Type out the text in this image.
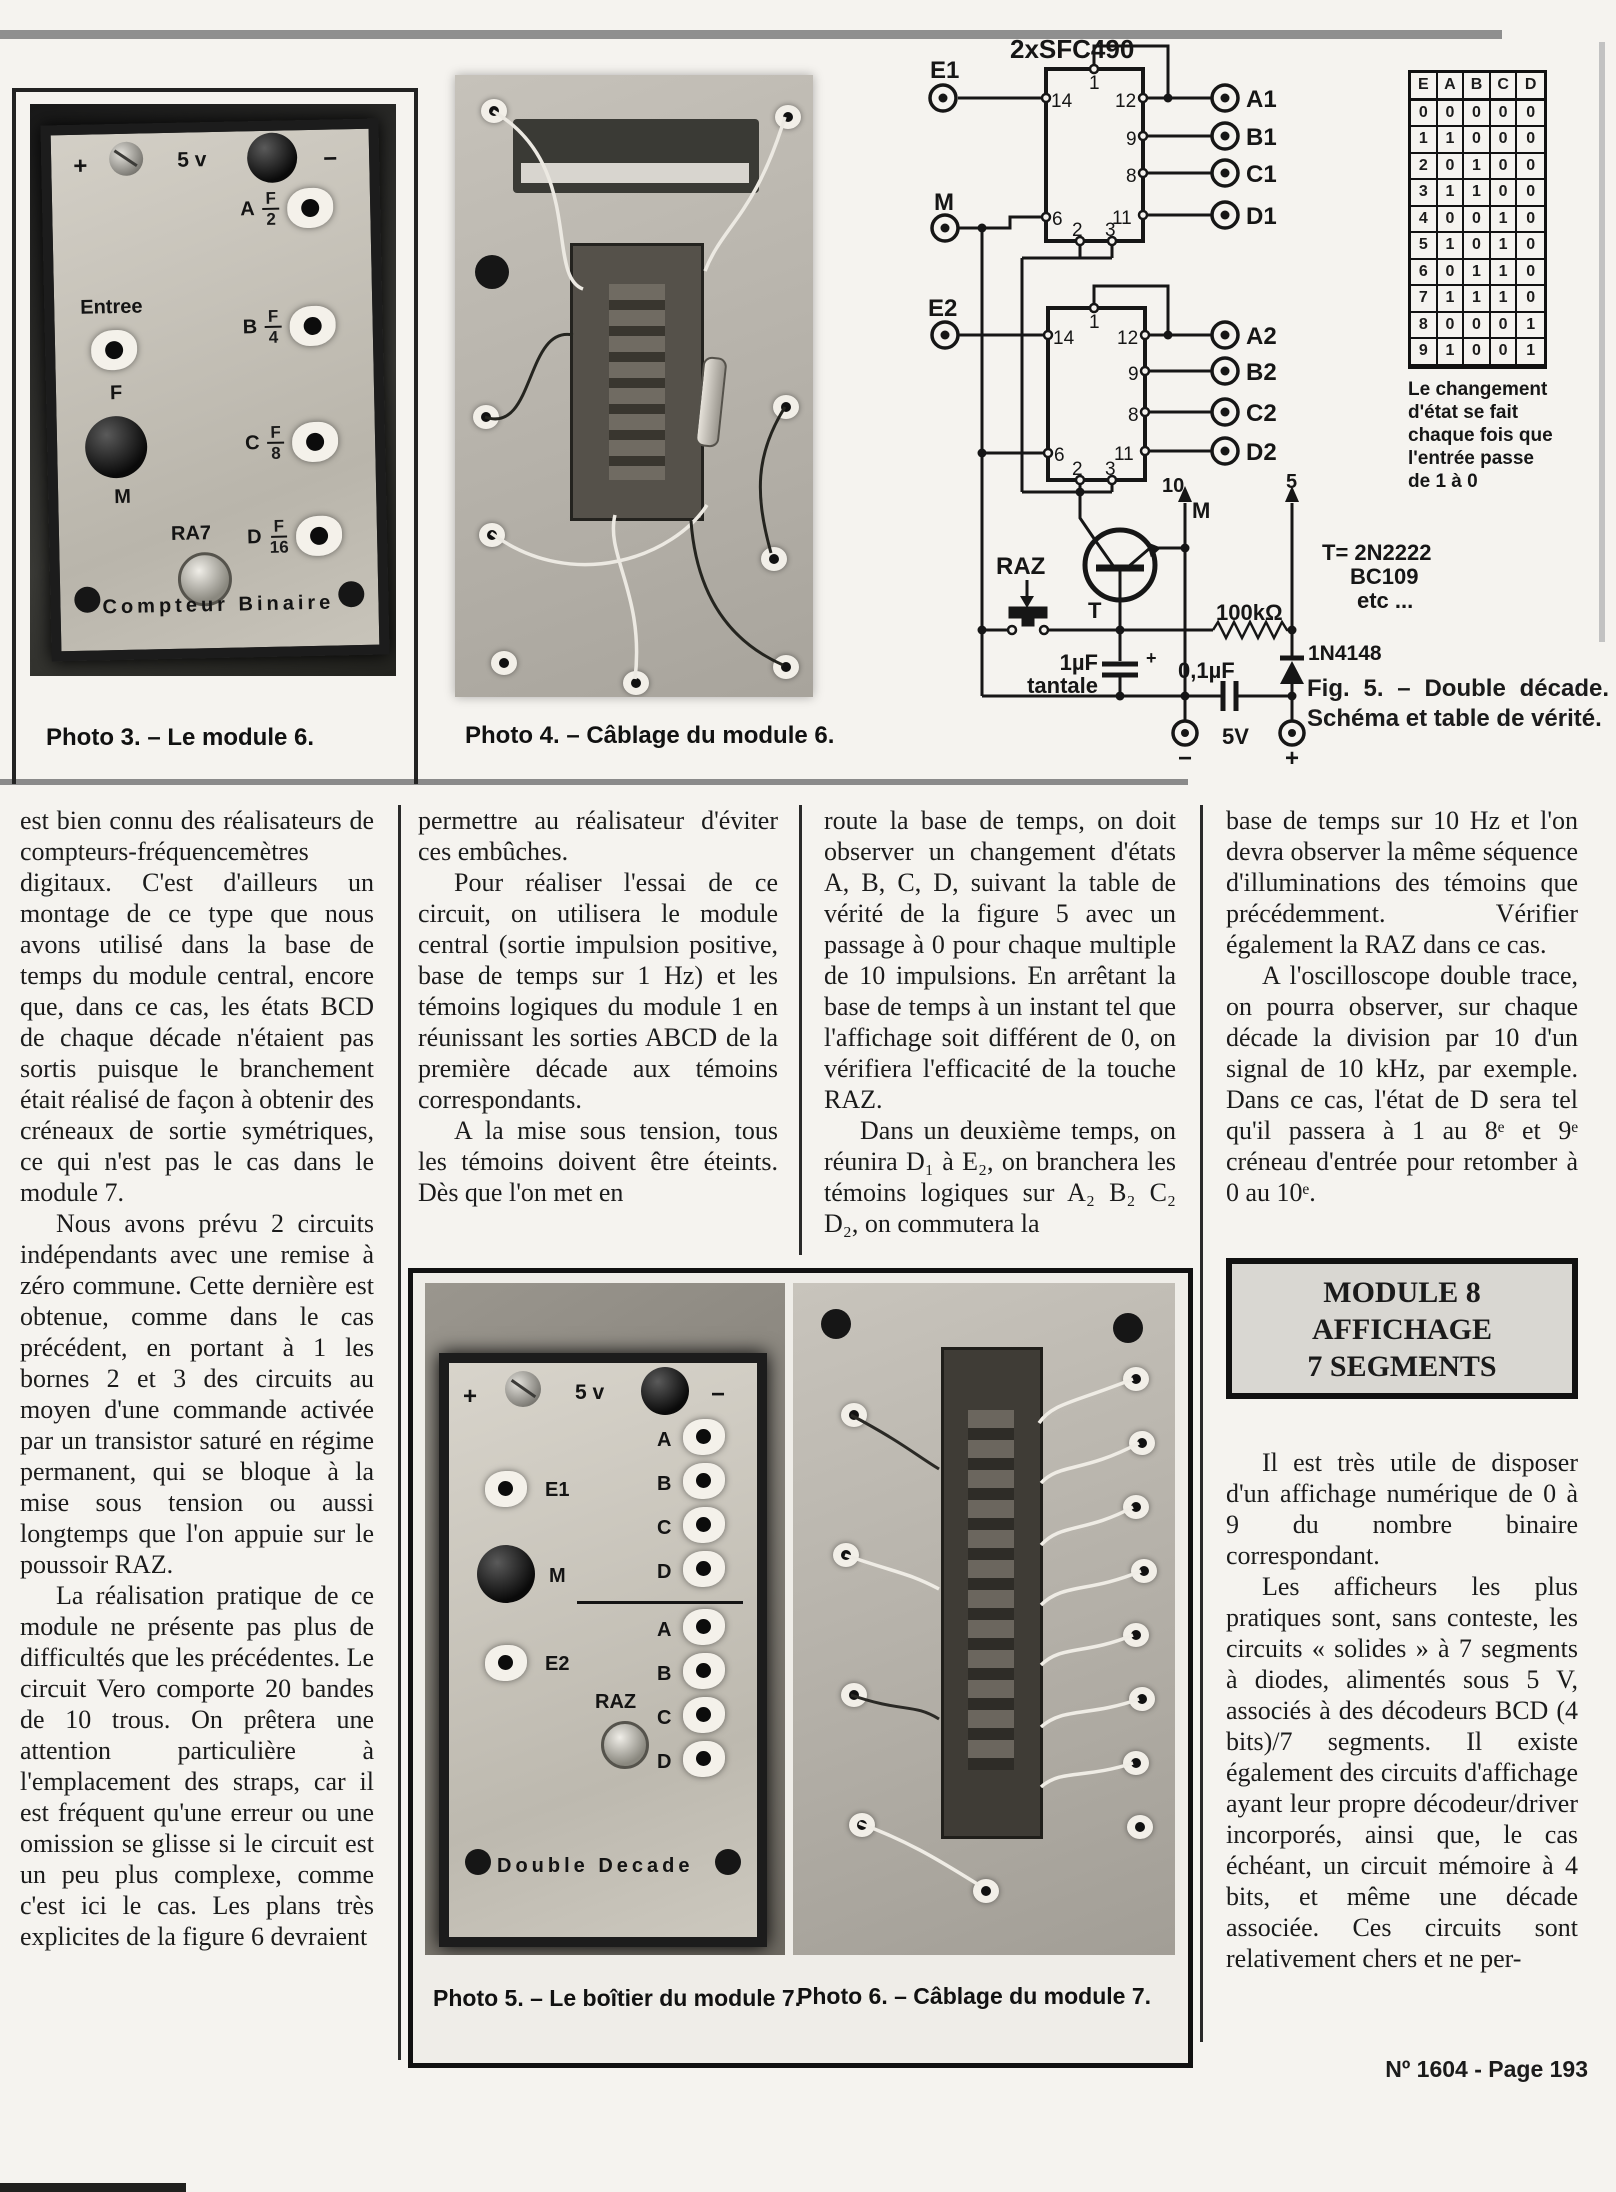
+	5 v	−
Entree
F
M
A $\frac{F}{2}$
B $\frac{F}{4}$
C $\frac{F}{8}$
RA7 D $\frac{F}{16}$
Compteur Binaire
Photo 3. – Le module 6.	Photo 4. – Câblage du module 6.
2xSFC490
E1
M
E2
A1
B1
C1
D1
A2
B2
C2
D2
14
1
12
9
8
11
6
2 3
14
1
12
9
8
11
6
2 3
10
M
5
RAZ
T
1µF
tantale
+ 0,1µF
100kΩ
1N4148
5V
−	+
T= 2N2222
BC109
etc ...
E A B C	D
0	0	0	0	0
1	1	0	0	0
2	0	1	0	0
3	1	1	0	0
4	0	0	1	0
5	1	0	1	0
6	0	1	1	0
7	1	1	1	0
8	0	0	0	1
9	1	0	0	1
Le changement
d'état se fait
chaque fois que
l'entrée passe
de 1 à 0
Fig. 5. – Double décade. Schéma et table de vérité.

est bien connu des réalisateurs de compteurs-fréquencemètres digitaux. C'est d'ailleurs un montage de ce type que nous avons utilisé dans la base de temps du module central, encore que, dans ce cas, les états BCD de chaque décade n'étaient pas sortis puisque le branchement était réalisé de façon à obtenir des créneaux de sortie symétriques, ce qui n'est pas le cas dans le module 7.

Nous avons prévu 2 circuits indépendants avec une remise à zéro commune. Cette dernière est obtenue, comme dans le cas précédent, en portant à 1 les bornes 2 et 3 des circuits au moyen d'une commande activée par un transistor saturé en régime permanent, qui se bloque à la mise sous tension ou aussi longtemps que l'on appuie sur le poussoir RAZ.

La réalisation pratique de ce module ne présente pas plus de difficultés que les précédentes. Le circuit Vero comporte 20 bandes de 10 trous. On prêtera une attention particulière à l'emplacement des straps, car il est fréquent qu'une erreur ou une omission se glisse si le circuit est un peu plus complexe, comme c'est ici le cas. Les plans très explicites de la figure 6 devraient

permettre au réalisateur d'éviter ces embûches.

Pour réaliser l'essai de ce circuit, on utilisera le module central (sortie impulsion positive, base de temps sur 1 Hz) et les témoins logiques du module 1 en réunissant les sorties ABCD de la première décade aux témoins correspondants.

A la mise sous tension, tous les témoins doivent être éteints. Dès que l'on met en

route la base de temps, on doit observer un changement d'états A, B, C, D, suivant la table de vérité de la figure 5 avec un passage à 0 pour chaque multiple de 10 impulsions. En arrêtant la base de temps à un instant tel que l'affichage soit différent de 0, on vérifiera l'efficacité de la touche RAZ.

Dans un deuxième temps, on réunira D₁ à E₂, on branchera les témoins logiques sur A₂ B₂ C₂ D₂, on commutera la

base de temps sur 10 Hz et l'on devra observer la même séquence d'illuminations des témoins que précédemment. Vérifier également la RAZ dans ce cas.

A l'oscilloscope double trace, on pourra observer, sur chaque décade la division par 10 d'un signal de 10 kHz, par exemple. Dans ce cas, l'état de D sera tel qu'il passera à 1 au 8ᵉ et 9ᵉ créneau d'entrée pour retomber à 0 au 10ᵉ.

MODULE 8
AFFICHAGE
7 SEGMENTS

Il est très utile de disposer d'un affichage numérique de 0 à 9 du nombre binaire correspondant.

Les afficheurs les plus pratiques sont, sans conteste, les circuits « solides » à 7 segments à diodes, alimentés sous 5 V, associés à des décodeurs BCD (4 bits)/7 segments. Il existe également des circuits d'affichage ayant leur propre décodeur/driver incorporés, ainsi que, le cas échéant, un circuit mémoire à 4 bits, et même une décade associée. Ces circuits sont relativement chers et ne per-

+	5 v	−
E1
M
E2
RAZ
A
B
C
D
A
B
C
D
Double Decade
Photo 5. – Le boîtier du module 7.
Photo 6. – Câblage du module 7.
Nº 1604 - Page 193
